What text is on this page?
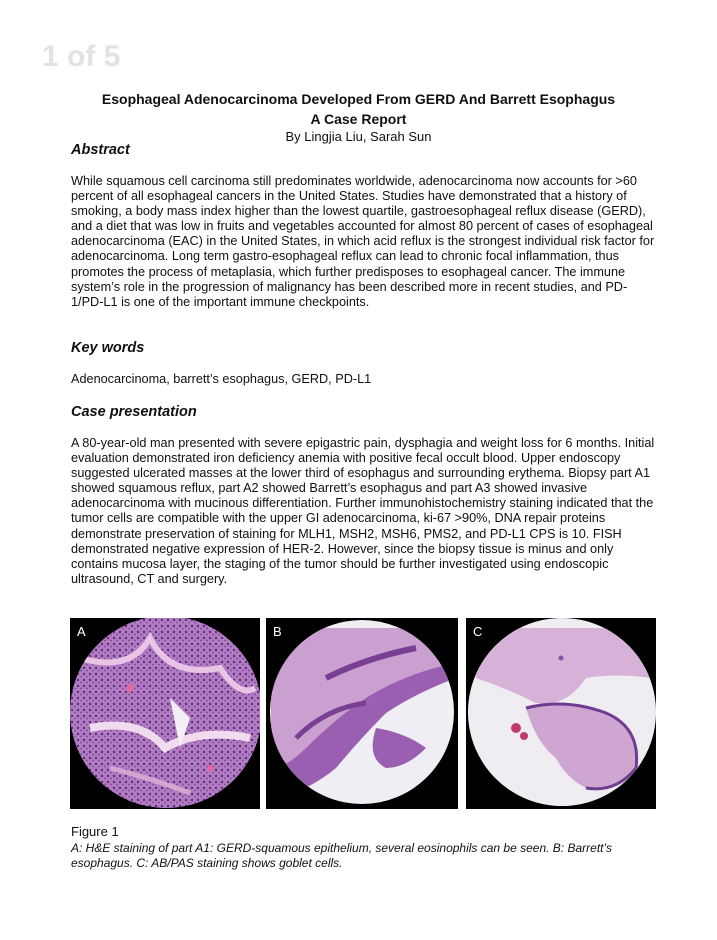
1 of 5
Esophageal Adenocarcinoma Developed From GERD And Barrett Esophagus
A Case Report
By Lingjia Liu, Sarah Sun
Abstract

While squamous cell carcinoma still predominates worldwide, adenocarcinoma now accounts for >60 percent of all esophageal cancers in the United States. Studies have demonstrated that a history of smoking, a body mass index higher than the lowest quartile, gastroesophageal reflux disease (GERD), and a diet that was low in fruits and vegetables accounted for almost 80 percent of cases of esophageal adenocarcinoma (EAC) in the United States, in which acid reflux is the strongest individual risk factor for adenocarcinoma. Long term gastro-esophageal reflux can lead to chronic focal inflammation, thus promotes the process of metaplasia, which further predisposes to esophageal cancer. The immune system’s role in the progression of malignancy has been described more in recent studies, and PD-1/PD-L1 is one of the important immune checkpoints.

Key words

Adenocarcinoma, barrett’s esophagus, GERD, PD-L1

Case presentation

A 80-year-old man presented with severe epigastric pain, dysphagia and weight loss for 6 months. Initial evaluation demonstrated iron deficiency anemia with positive fecal occult blood. Upper endoscopy suggested ulcerated masses at the lower third of esophagus and surrounding erythema. Biopsy part A1 showed squamous reflux, part A2 showed Barrett’s esophagus and part A3 showed invasive adenocarcinoma with mucinous differentiation. Further immunohistochemistry staining indicated that the tumor cells are compatible with the upper GI adenocarcinoma, ki-67 >90%, DNA repair proteins demonstrate preservation of staining for MLH1, MSH2, MSH6, PMS2, and PD-L1 CPS is 10. FISH demonstrated negative expression of HER-2. However, since the biopsy tissue is minus and only contains mucosa layer, the staging of the tumor should be further investigated using endoscopic ultrasound, CT and surgery.

A	B	C
Figure 1
A: H&E staining of part A1: GERD-squamous epithelium, several eosinophils can be seen. B: Barrett’s esophagus. C: AB/PAS staining shows goblet cells.
